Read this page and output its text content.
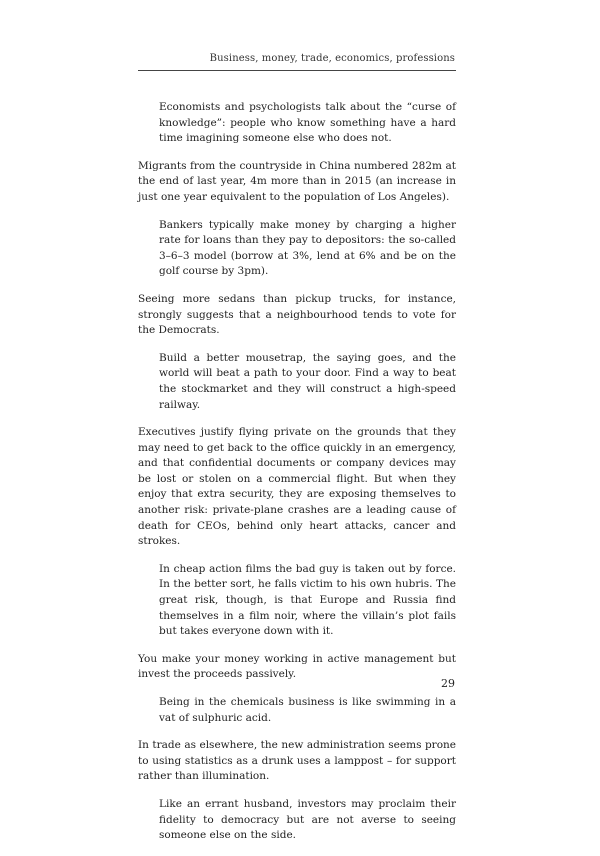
Business, money, trade, economics, professions

Economists and psychologists talk about the “curse of knowledge”: people who know something have a hard time imagining someone else who does not.

Migrants from the countryside in China numbered 282m at the end of last year, 4m more than in 2015 (an increase in just one year equivalent to the population of Los Angeles).

Bankers typically make money by charging a higher rate for loans than they pay to depositors: the so-called 3–6–3 model (borrow at 3%, lend at 6% and be on the golf course by 3pm).

Seeing more sedans than pickup trucks, for instance, strongly suggests that a neighbourhood tends to vote for the Democrats.

Build a better mousetrap, the saying goes, and the world will beat a path to your door. Find a way to beat the stockmarket and they will construct a high-speed railway.

Executives justify flying private on the grounds that they may need to get back to the office quickly in an emergency, and that confidential documents or company devices may be lost or stolen on a commercial flight. But when they enjoy that extra security, they are exposing themselves to another risk: private-plane crashes are a leading cause of death for CEOs, behind only heart attacks, cancer and strokes.

In cheap action films the bad guy is taken out by force. In the better sort, he falls victim to his own hubris. The great risk, though, is that Europe and Russia find themselves in a film noir, where the villain’s plot fails but takes everyone down with it.

You make your money working in active management but invest the proceeds passively.

Being in the chemicals business is like swimming in a vat of sulphuric acid.

In trade as elsewhere, the new administration seems prone to using statistics as a drunk uses a lamppost – for support rather than illumination.

Like an errant husband, investors may proclaim their fidelity to democracy but are not averse to seeing someone else on the side.

29
